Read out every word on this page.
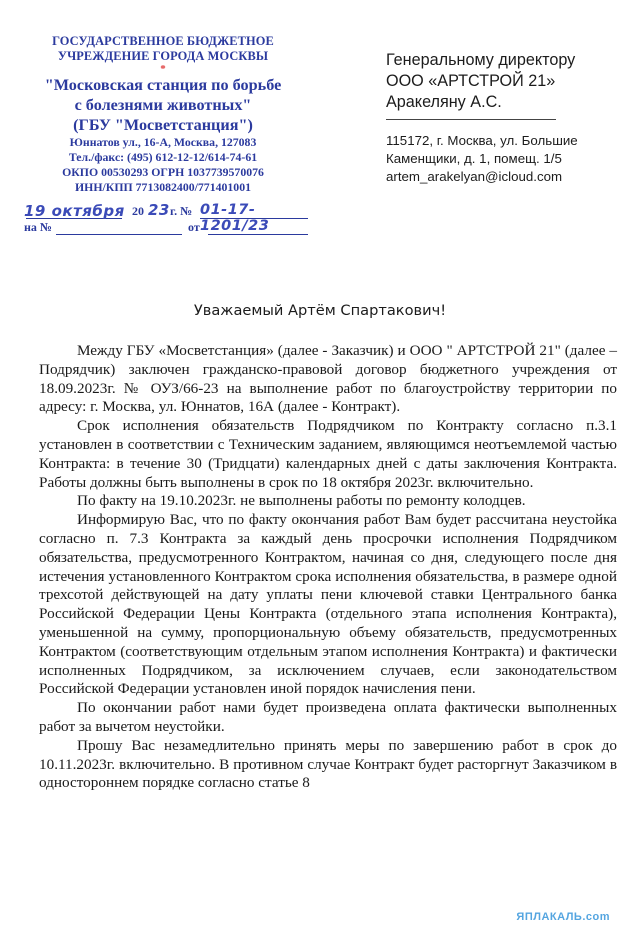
ГОСУДАРСТВЕННОЕ БЮДЖЕТНОЕ
УЧРЕЖДЕНИЕ ГОРОДА МОСКВЫ
*
"Московская станция по борьбе
с болезнями животных"
(ГБУ "Мосветстанция")
Юннатов ул., 16-А, Москва, 127083
Тел./факс: (495) 612-12-12/614-74-61
ОКПО 00530293 ОГРН 1037739570076
ИНН/КПП 7713082400/771401001
19 октября 20 23 г. № 01-17-1201/23
на №	от
Генеральному директору
ООО «АРТСТРОЙ 21»
Аракеляну А.С.
115172, г. Москва, ул. Большие
Каменщики, д. 1, помещ. 1/5
artem_arakelyan@icloud.com
Уважаемый Артём Спартакович!

Между ГБУ «Мосветстанция» (далее - Заказчик) и ООО " АРТСТРОЙ 21" (далее – Подрядчик) заключен гражданско-правовой договор бюджетного учреждения от 18.09.2023г. № ОУЗ/66-23 на выполнение работ по благоустройству территории по адресу: г. Москва, ул. Юннатов, 16А (далее - Контракт).

Срок исполнения обязательств Подрядчиком по Контракту согласно п.3.1 установлен в соответствии с Техническим заданием, являющимся неотъемлемой частью Контракта: в течение 30 (Тридцати) календарных дней с даты заключения Контракта. Работы должны быть выполнены в срок по 18 октября 2023г. включительно.

По факту на 19.10.2023г. не выполнены работы по ремонту колодцев.

Информирую Вас, что по факту окончания работ Вам будет рассчитана неустойка согласно п. 7.3 Контракта за каждый день просрочки исполнения Подрядчиком обязательства, предусмотренного Контрактом, начиная со дня, следующего после дня истечения установленного Контрактом срока исполнения обязательства, в размере одной трехсотой действующей на дату уплаты пени ключевой ставки Центрального банка Российской Федерации Цены Контракта (отдельного этапа исполнения Контракта), уменьшенной на сумму, пропорциональную объему обязательств, предусмотренных Контрактом (соответствующим отдельным этапом исполнения Контракта) и фактически исполненных Подрядчиком, за исключением случаев, если законодательством Российской Федерации установлен иной порядок начисления пени.

По окончании работ нами будет произведена оплата фактически выполненных работ за вычетом неустойки.

Прошу Вас незамедлительно принять меры по завершению работ в срок до 10.11.2023г. включительно. В противном случае Контракт будет расторгнут Заказчиком в одностороннем порядке согласно статье 8

ЯПЛАКАЛЬ.com
